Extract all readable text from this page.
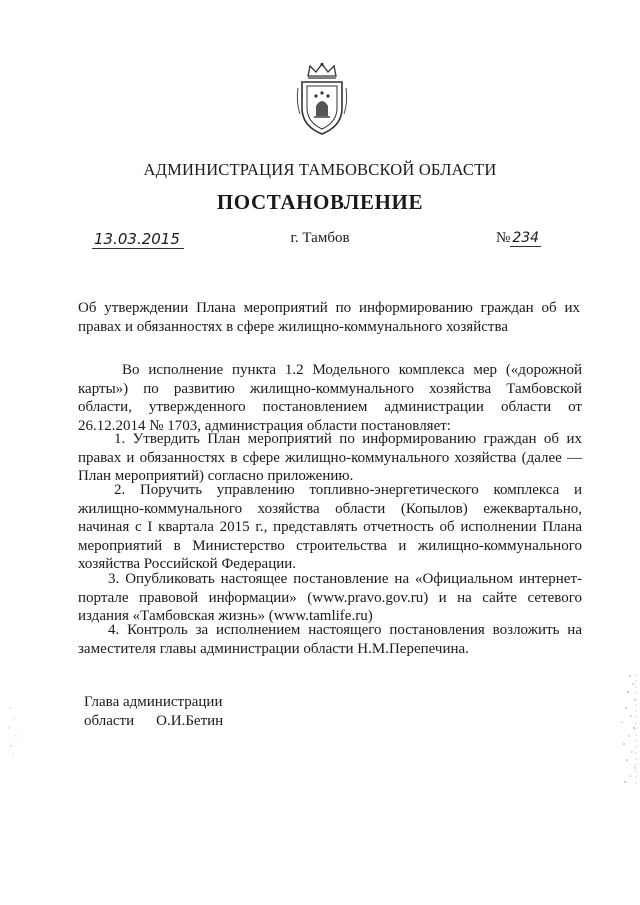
АДМИНИСТРАЦИЯ ТАМБОВСКОЙ ОБЛАСТИ
ПОСТАНОВЛЕНИЕ
13.03.2015	г. Тамбов	№ 234
Об утверждении Плана мероприятий по информированию граждан об их правах и обязанностях в сфере жилищно-коммунального хозяйства
Во исполнение пункта 1.2 Модельного комплекса мер («дорожной карты») по развитию жилищно-коммунального хозяйства Тамбовской области, утвержденного постановлением администрации области от 26.12.2014 № 1703, администрация области постановляет:
1. Утвердить План мероприятий по информированию граждан об их правах и обязанностях в сфере жилищно-коммунального хозяйства (далее — План мероприятий) согласно приложению.
2. Поручить управлению топливно-энергетического комплекса и жилищно-коммунального хозяйства области (Копылов) ежеквартально, начиная с I квартала 2015 г., представлять отчетность об исполнении Плана мероприятий в Министерство строительства и жилищно-коммунального хозяйства Российской Федерации.
3. Опубликовать настоящее постановление на «Официальном интернет-портале правовой информации» (www.pravo.gov.ru) и на сайте сетевого издания «Тамбовская жизнь» (www.tamlife.ru)
4. Контроль за исполнением настоящего постановления возложить на заместителя главы администрации области Н.М.Перепечина.
Глава администрации
области О.И.Бетин
